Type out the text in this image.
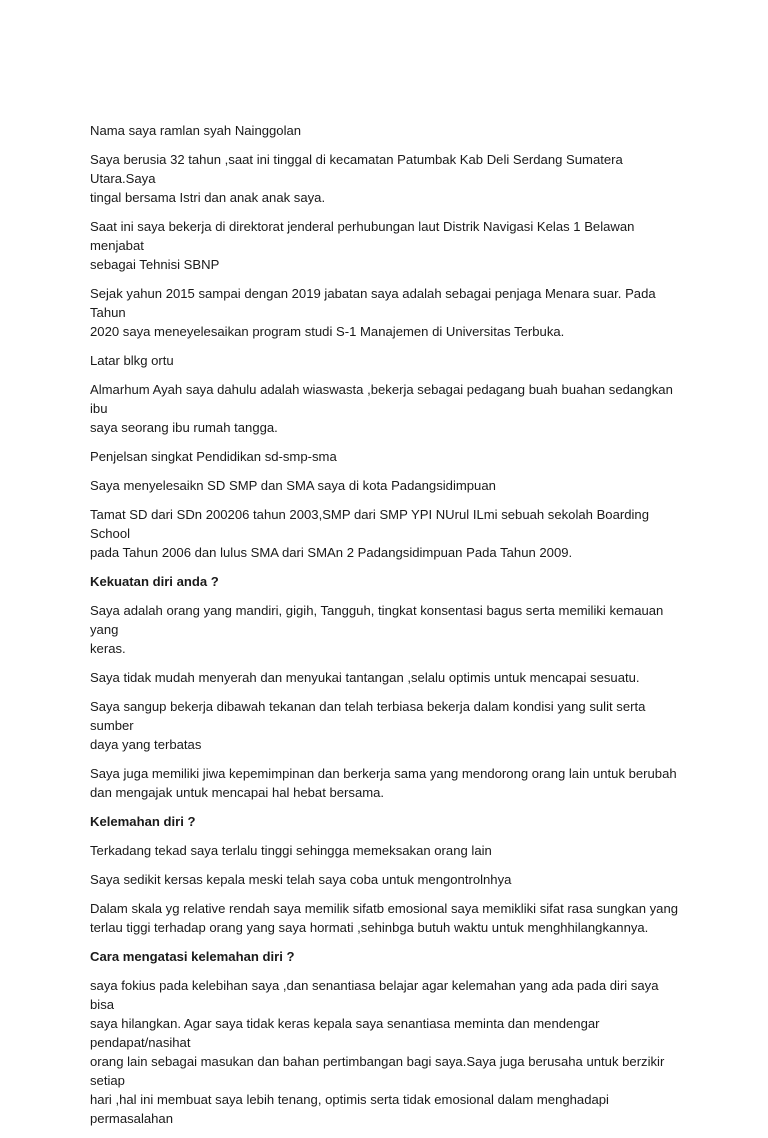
Nama saya ramlan syah Nainggolan

Saya berusia 32 tahun ,saat ini tinggal di kecamatan Patumbak Kab Deli Serdang Sumatera Utara.Saya
tingal bersama Istri dan anak anak saya.

Saat ini saya bekerja di direktorat jenderal perhubungan laut Distrik Navigasi Kelas 1 Belawan menjabat
sebagai Tehnisi SBNP

Sejak yahun 2015 sampai dengan 2019 jabatan saya adalah sebagai penjaga Menara suar. Pada Tahun
2020 saya meneyelesaikan program studi S-1 Manajemen di Universitas Terbuka.

Latar blkg ortu

Almarhum Ayah saya dahulu adalah wiaswasta ,bekerja sebagai pedagang buah buahan sedangkan ibu
saya seorang ibu rumah tangga.

Penjelsan singkat Pendidikan sd-smp-sma

Saya menyelesaikn SD SMP dan SMA saya di kota Padangsidimpuan

Tamat SD dari SDn 200206 tahun 2003,SMP dari SMP YPI NUrul ILmi sebuah sekolah Boarding School
pada Tahun 2006 dan lulus SMA dari SMAn 2 Padangsidimpuan Pada Tahun 2009.

Kekuatan diri anda ?

Saya adalah orang yang mandiri, gigih, Tangguh, tingkat konsentasi bagus serta memiliki kemauan yang
keras.

Saya tidak mudah menyerah dan menyukai tantangan ,selalu optimis untuk mencapai sesuatu.

Saya sangup bekerja dibawah tekanan dan telah terbiasa bekerja dalam kondisi yang sulit serta sumber
daya yang terbatas

Saya juga memiliki jiwa kepemimpinan dan berkerja sama yang mendorong orang lain untuk berubah
dan mengajak untuk mencapai hal hebat bersama.

Kelemahan diri ?

Terkadang tekad saya terlalu tinggi sehingga memeksakan orang lain

Saya sedikit kersas kepala meski telah saya coba untuk mengontrolnhya

Dalam skala yg relative rendah saya memilik sifatb emosional saya memikliki sifat rasa sungkan yang
terlau tiggi terhadap orang yang saya hormati ,sehinbga butuh waktu untuk menghhilangkannya.

Cara mengatasi kelemahan diri ?

saya fokius pada kelebihan saya ,dan senantiasa belajar agar kelemahan yang ada pada diri saya bisa
saya hilangkan. Agar saya tidak keras kepala saya senantiasa meminta dan mendengar pendapat/nasihat
orang lain sebagai masukan dan bahan pertimbangan bagi saya.Saya juga berusaha untuk berzikir setiap
hari ,hal ini membuat saya lebih tenang, optimis serta tidak emosional dalam menghadapi permasalahan
